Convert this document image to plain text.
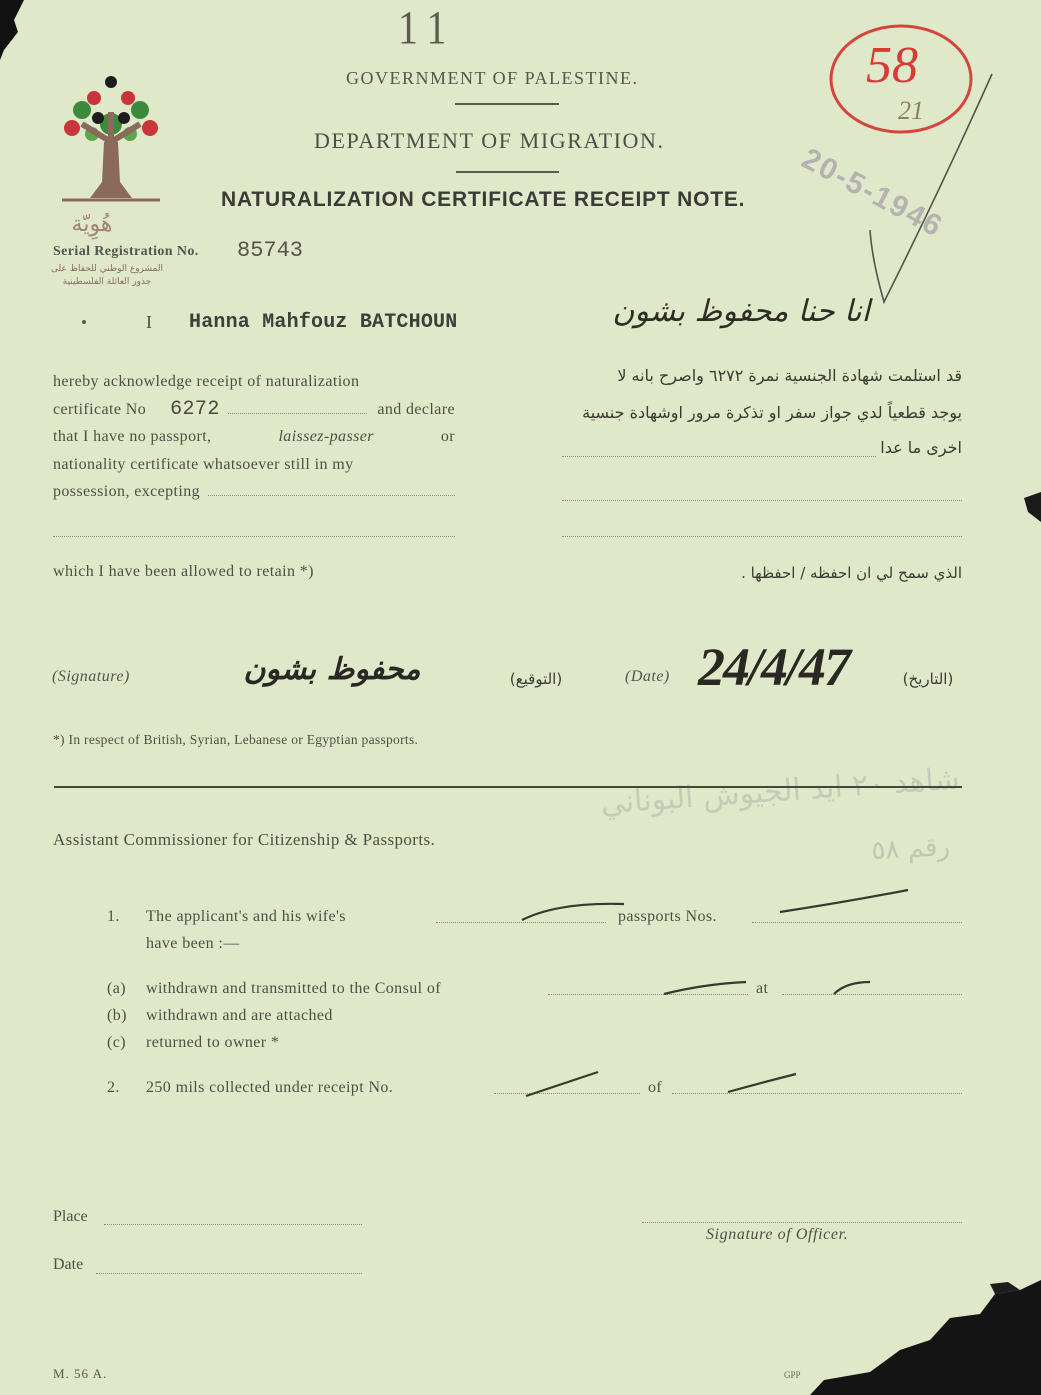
11
هُوِيّة
المشروع الوطني للحفاظ على
جذور العائلة الفلسطينية
58
21
20-5-1946
GOVERNMENT OF PALESTINE.
DEPARTMENT OF MIGRATION.
NATURALIZATION CERTIFICATE RECEIPT NOTE.
Serial Registration No. 85743
I Hanna Mahfouz BATCHOUN	انا حنا محفوظ بشون
hereby acknowledge receipt of naturalization
certificate No 6272	and declare
that I have no passport,	laissez-passer	or
nationality certificate whatsoever still in my
possession, excepting
which I have been allowed to retain *)
قد استلمت شهادة الجنسية نمرة ٦٢٧٢ واصرح بانه لا
يوجد قطعياً لدي جواز سفر او تذكرة مرور اوشهادة جنسية
اخرى ما عدا
الذي سمح لي ان احفظه / احفظها .
(Signature)	محفوظ بشون	(التوقيع)	(Date) 24/4/47	(التاريخ)
*) In respect of British, Syrian, Lebanese or Egyptian passports.
شاهد ٢٠ ايد الجيوش البوناني
رقم ٥٨
Assistant Commissioner for Citizenship & Passports.
1. The applicant's and his wife's	passports Nos.
have been :—
(a) withdrawn and transmitted to the Consul of	at
(b) withdrawn and are attached
(c) returned to owner *
2. 250 mils collected under receipt No.	of
Place
Signature of Officer.
Date
M. 56 A.	GPP
